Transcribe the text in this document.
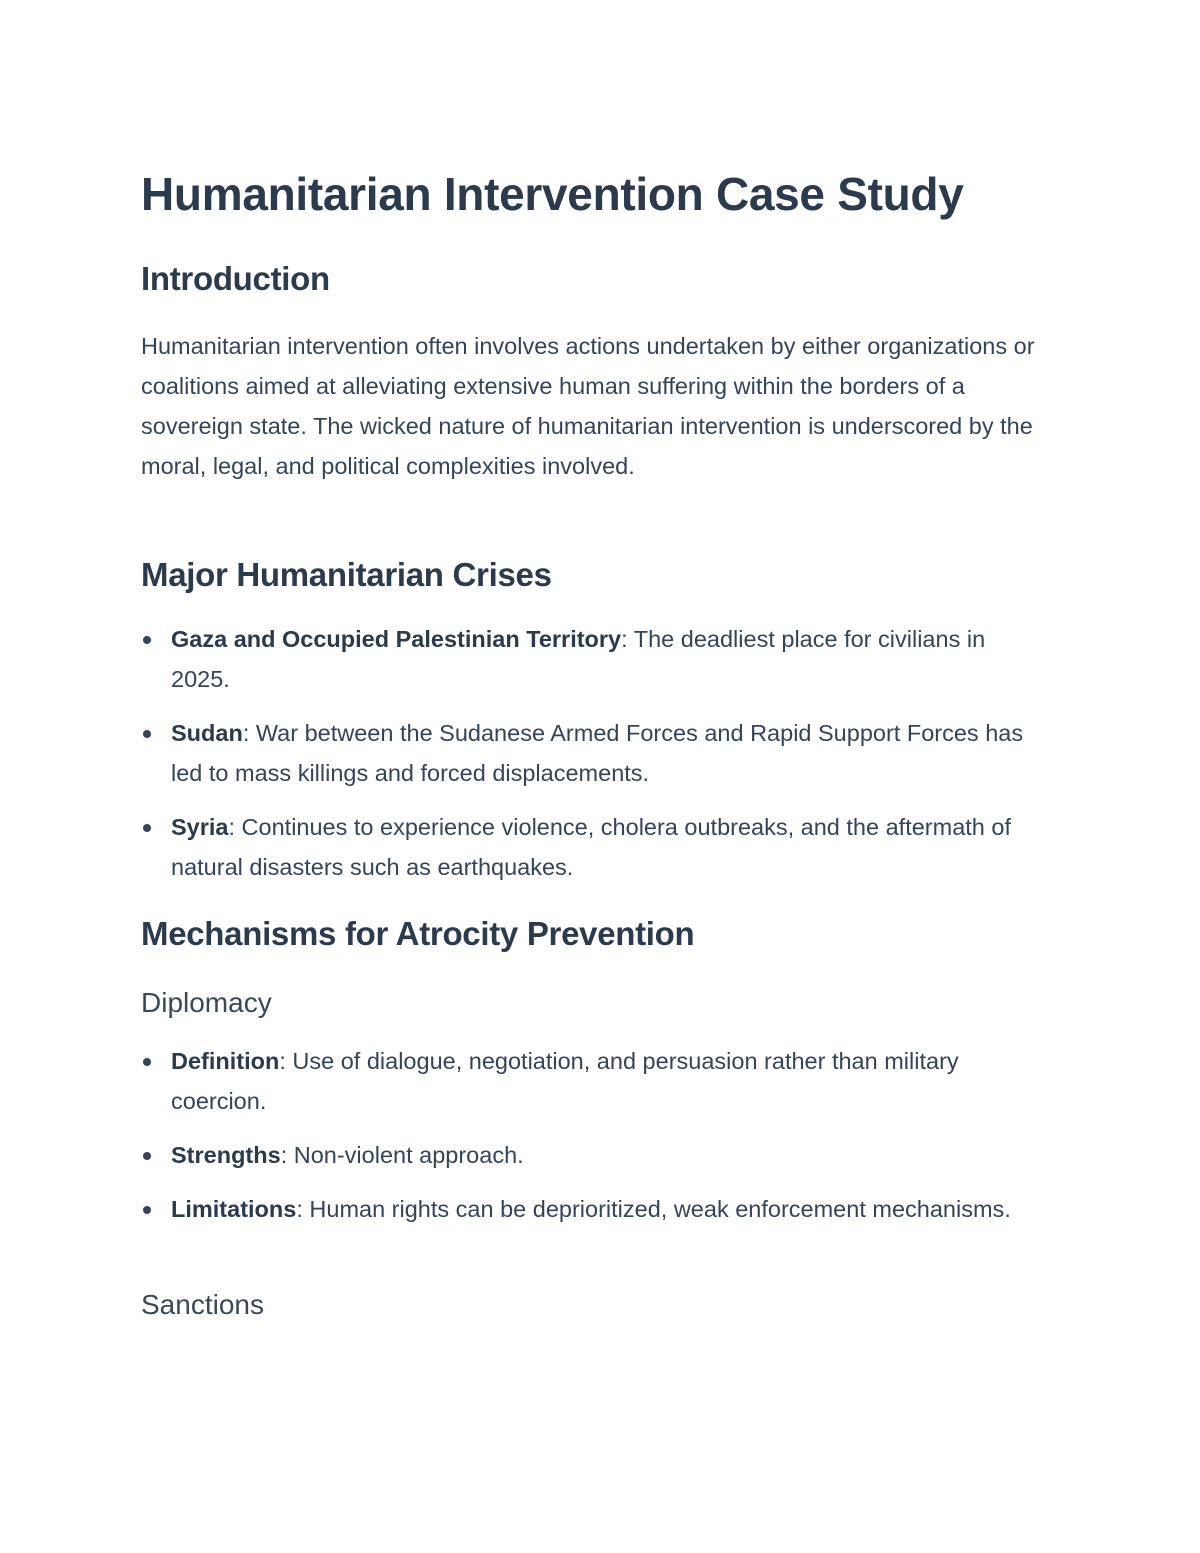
Humanitarian Intervention Case Study
Introduction

Humanitarian intervention often involves actions undertaken by either organizations or coalitions aimed at alleviating extensive human suffering within the borders of a sovereign state. The wicked nature of humanitarian intervention is underscored by the moral, legal, and political complexities involved.

Major Humanitarian Crises
Gaza and Occupied Palestinian Territory: The deadliest place for civilians in 2025.
Sudan: War between the Sudanese Armed Forces and Rapid Support Forces has led to mass killings and forced displacements.
Syria: Continues to experience violence, cholera outbreaks, and the aftermath of natural disasters such as earthquakes.
Mechanisms for Atrocity Prevention
Diplomacy
Definition: Use of dialogue, negotiation, and persuasion rather than military coercion.
Strengths: Non-violent approach.
Limitations: Human rights can be deprioritized, weak enforcement mechanisms.
Sanctions
